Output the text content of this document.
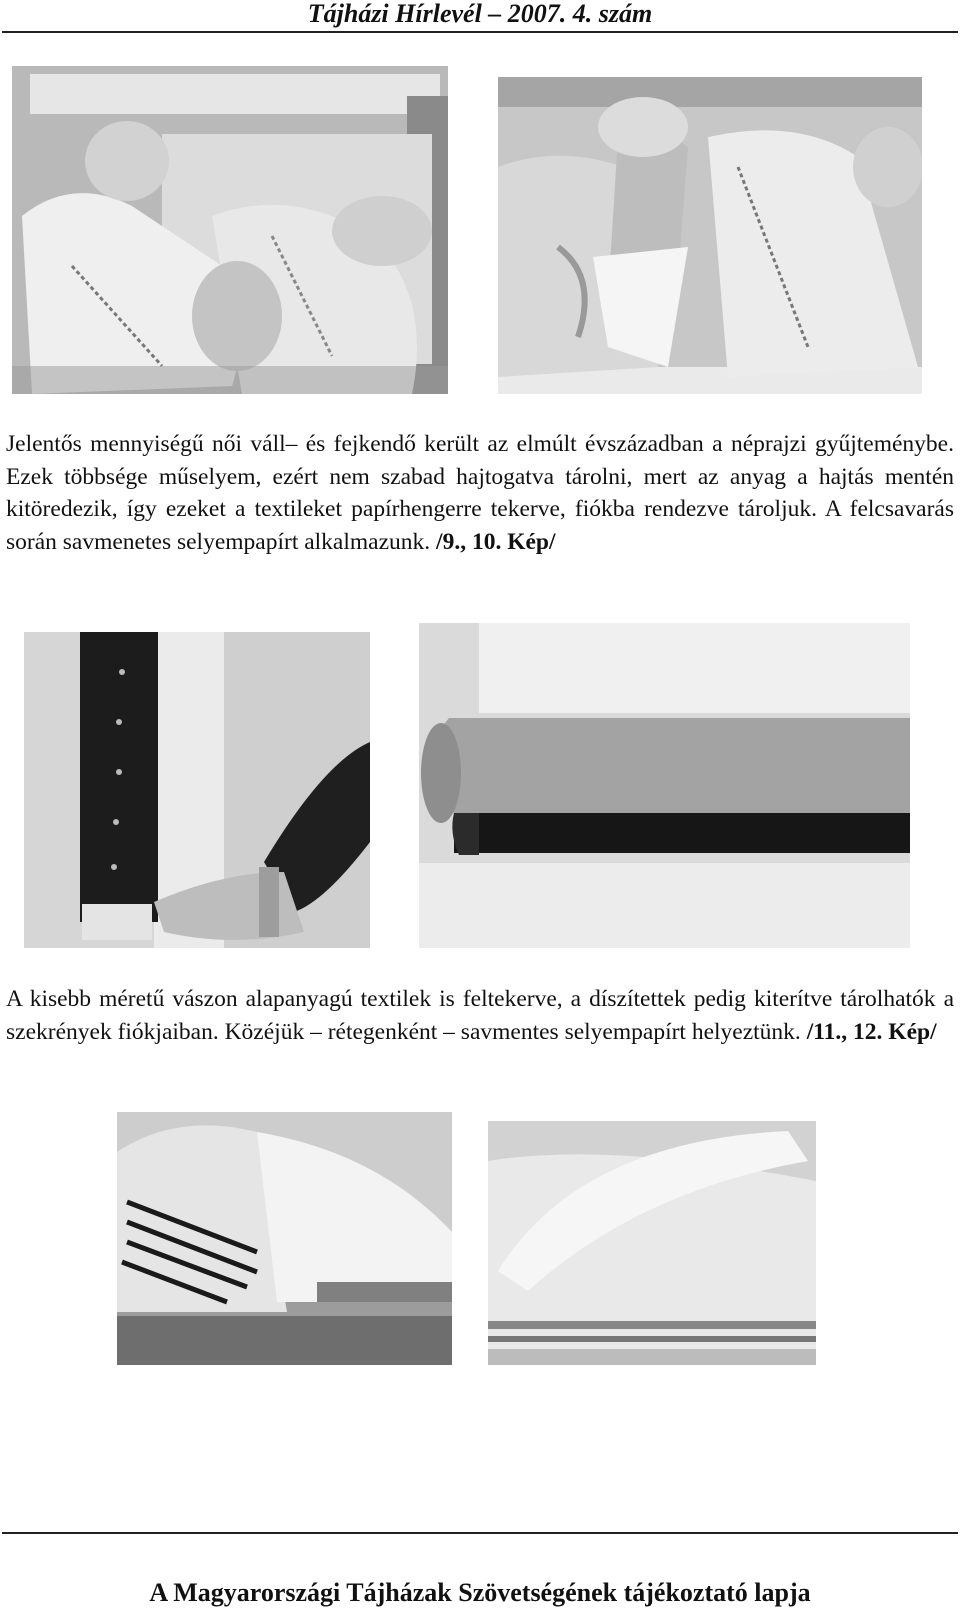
Tájházi Hírlevél – 2007. 4. szám

Jelentős mennyiségű női váll– és fejkendő került az elmúlt évszázadban a néprajzi gyűjteménybe. Ezek többsége műselyem, ezért nem szabad hajtogatva tárolni, mert az anyag a hajtás mentén kitöredezik, így ezeket a textileket papírhengerre tekerve, fiókba rendezve tároljuk. A felcsavarás során savmenetes selyempapírt alkalmazunk. /9., 10. Kép/

A kisebb méretű vászon alapanyagú textilek is feltekerve, a díszítettek pedig kiterítve tárolhatók a szekrények fiókjaiban. Közéjük – rétegenként – savmentes selyempapírt helyeztünk. /11., 12. Kép/

A Magyarországi Tájházak Szövetségének tájékoztató lapja
